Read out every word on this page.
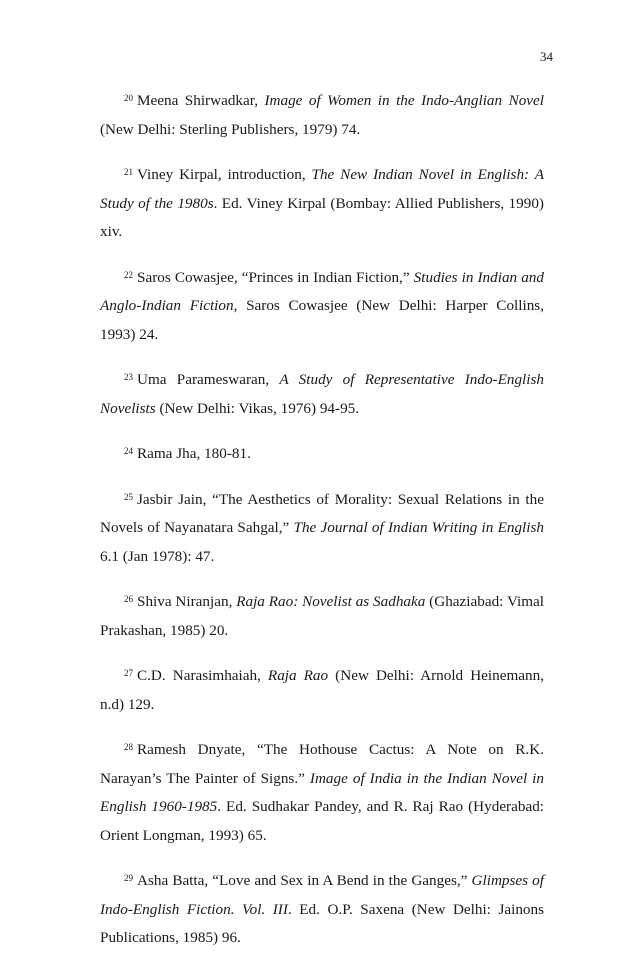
34

$^{20}$ Meena Shirwadkar, Image of Women in the Indo-Anglian Novel (New Delhi: Sterling Publishers, 1979) 74.

$^{21}$ Viney Kirpal, introduction, The New Indian Novel in English: A Study of the 1980s. Ed. Viney Kirpal (Bombay: Allied Publishers, 1990) xiv.

$^{22}$ Saros Cowasjee, “Princes in Indian Fiction,” Studies in Indian and Anglo-Indian Fiction, Saros Cowasjee (New Delhi: Harper Collins, 1993) 24.

$^{23}$ Uma Parameswaran, A Study of Representative Indo-English Novelists (New Delhi: Vikas, 1976) 94-95.

$^{24}$ Rama Jha, 180-81.

$^{25}$ Jasbir Jain, “The Aesthetics of Morality: Sexual Relations in the Novels of Nayanatara Sahgal,” The Journal of Indian Writing in English 6.1 (Jan 1978): 47.

$^{26}$ Shiva Niranjan, Raja Rao: Novelist as Sadhaka (Ghaziabad: Vimal Prakashan, 1985) 20.

$^{27}$ C.D. Narasimhaiah, Raja Rao (New Delhi: Arnold Heinemann, n.d) 129.

$^{28}$ Ramesh Dnyate, “The Hothouse Cactus: A Note on R.K. Narayan’s The Painter of Signs.” Image of India in the Indian Novel in English 1960-1985. Ed. Sudhakar Pandey, and R. Raj Rao (Hyderabad: Orient Longman, 1993) 65.

$^{29}$ Asha Batta, “Love and Sex in A Bend in the Ganges,” Glimpses of Indo-English Fiction. Vol. III. Ed. O.P. Saxena (New Delhi: Jainons Publications, 1985) 96.
